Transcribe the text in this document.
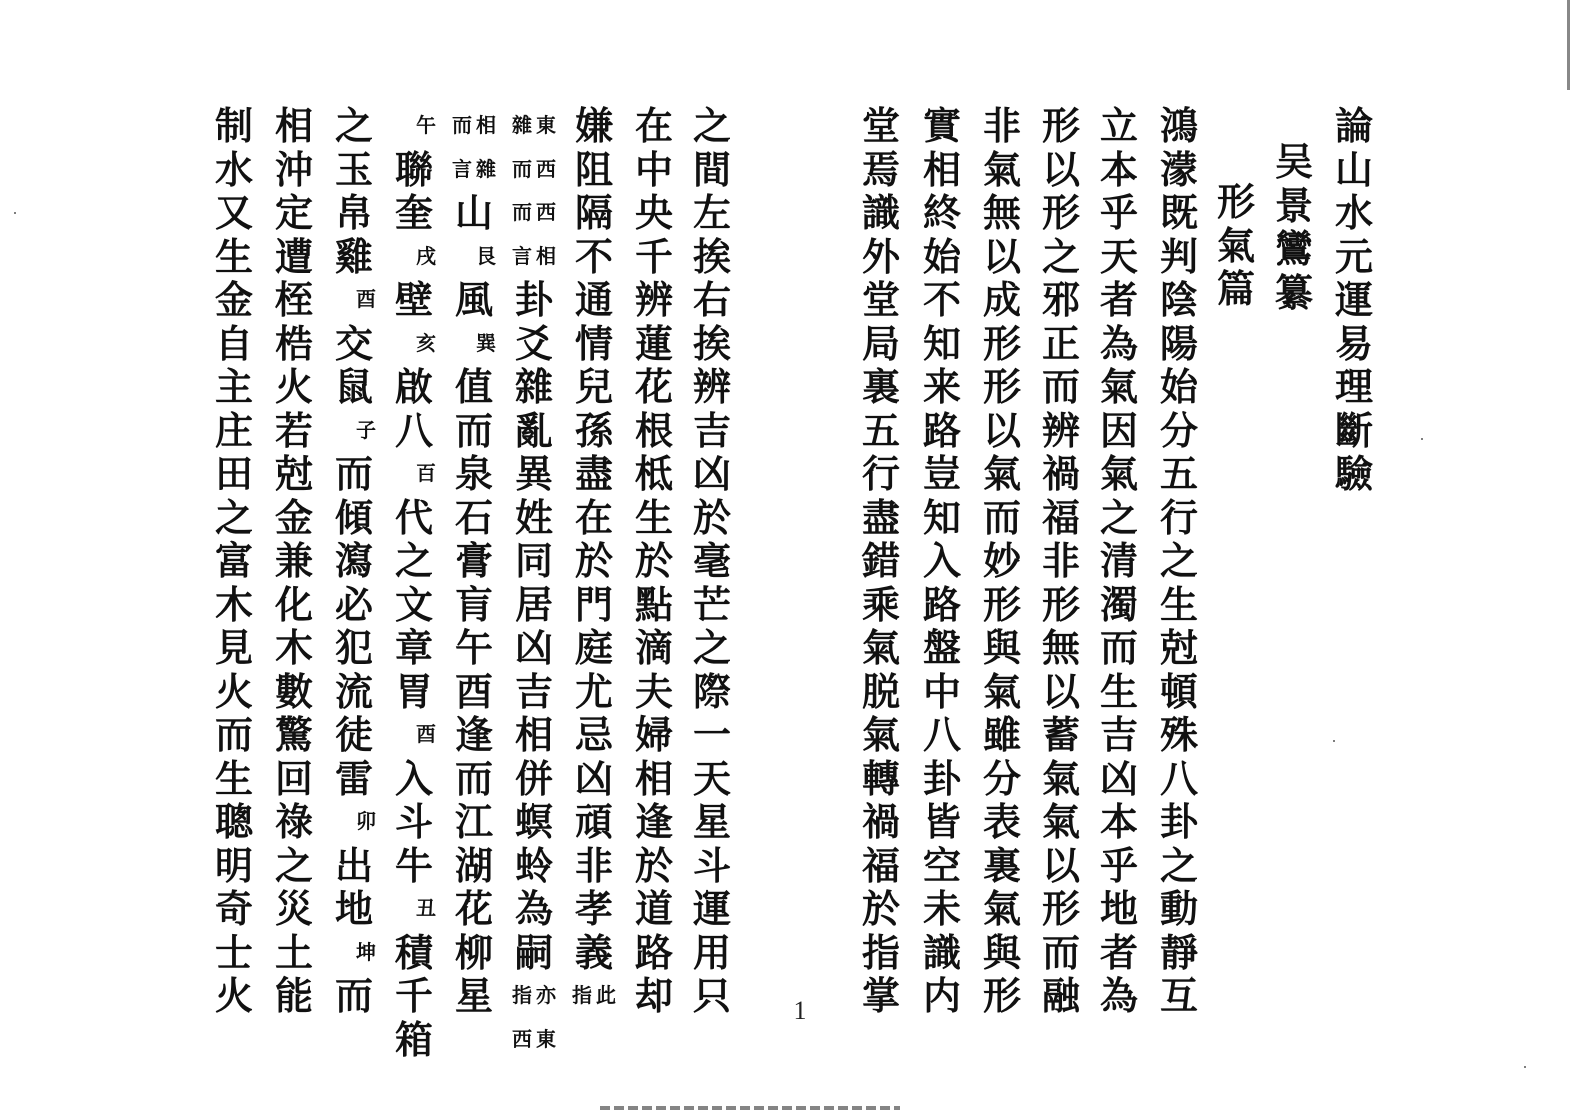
論
山
水
元
運
易
理
斷
驗
吴
景
鸞
纂
形
氣
篇
鴻
濛
既
判
陰
陽
始
分
五
行
之
生
尅
頓
殊
八
卦
之
動
靜
互
立
本
乎
天
者
為
氣
因
氣
之
清
濁
而
生
吉
凶
本
乎
地
者
為
形
以
形
之
邪
正
而
辨
禍
福
非
形
無
以
蓄
氣
氣
以
形
而
融
非
氣
無
以
成
形
形
以
氣
而
妙
形
與
氣
雖
分
表
裏
氣
與
形
實
相
終
始
不
知
来
路
豈
知
入
路
盤
中
八
卦
皆
空
未
識
内
堂
焉
識
外
堂
局
裏
五
行
盡
錯
乘
氣
脱
氣
轉
禍
福
於
指
掌
之
間
左
挨
右
挨
辨
吉
凶
於
毫
芒
之
際
一
天
星
斗
運
用
只
在
中
央
千
辨
蓮
花
根
柢
生
於
點
滴
夫
婦
相
逢
於
道
路
却
嫌
阻
隔
不
通
情
兒
孫
盡
在
於
門
庭
尤
忌
凶
頑
非
孝
義
此
指
東
西
雜
而
西
相
而
言
卦
爻
雜
亂
異
姓
同
居
凶
吉
相
併
螟
蛉
為
嗣
亦
指
東
西
相
雜
而
言
山
艮
風
巽
值
而
泉
石
膏
肓
午
酉
逢
而
江
湖
花
柳
星
午
聯
奎
戌
壁
亥
啟
八
百
代
之
文
章
胃
酉
入
斗
牛
丑
積
千
箱
之
玉
帛
雞
酉
交
鼠
子
而
傾
瀉
必
犯
流
徒
雷
卯
出
地
坤
而
相
沖
定
遭
桎
梏
火
若
尅
金
兼
化
木
數
驚
回
祿
之
災
土
能
制
水
又
生
金
自
主
庄
田
之
富
木
見
火
而
生
聰
明
奇
士
火	1
